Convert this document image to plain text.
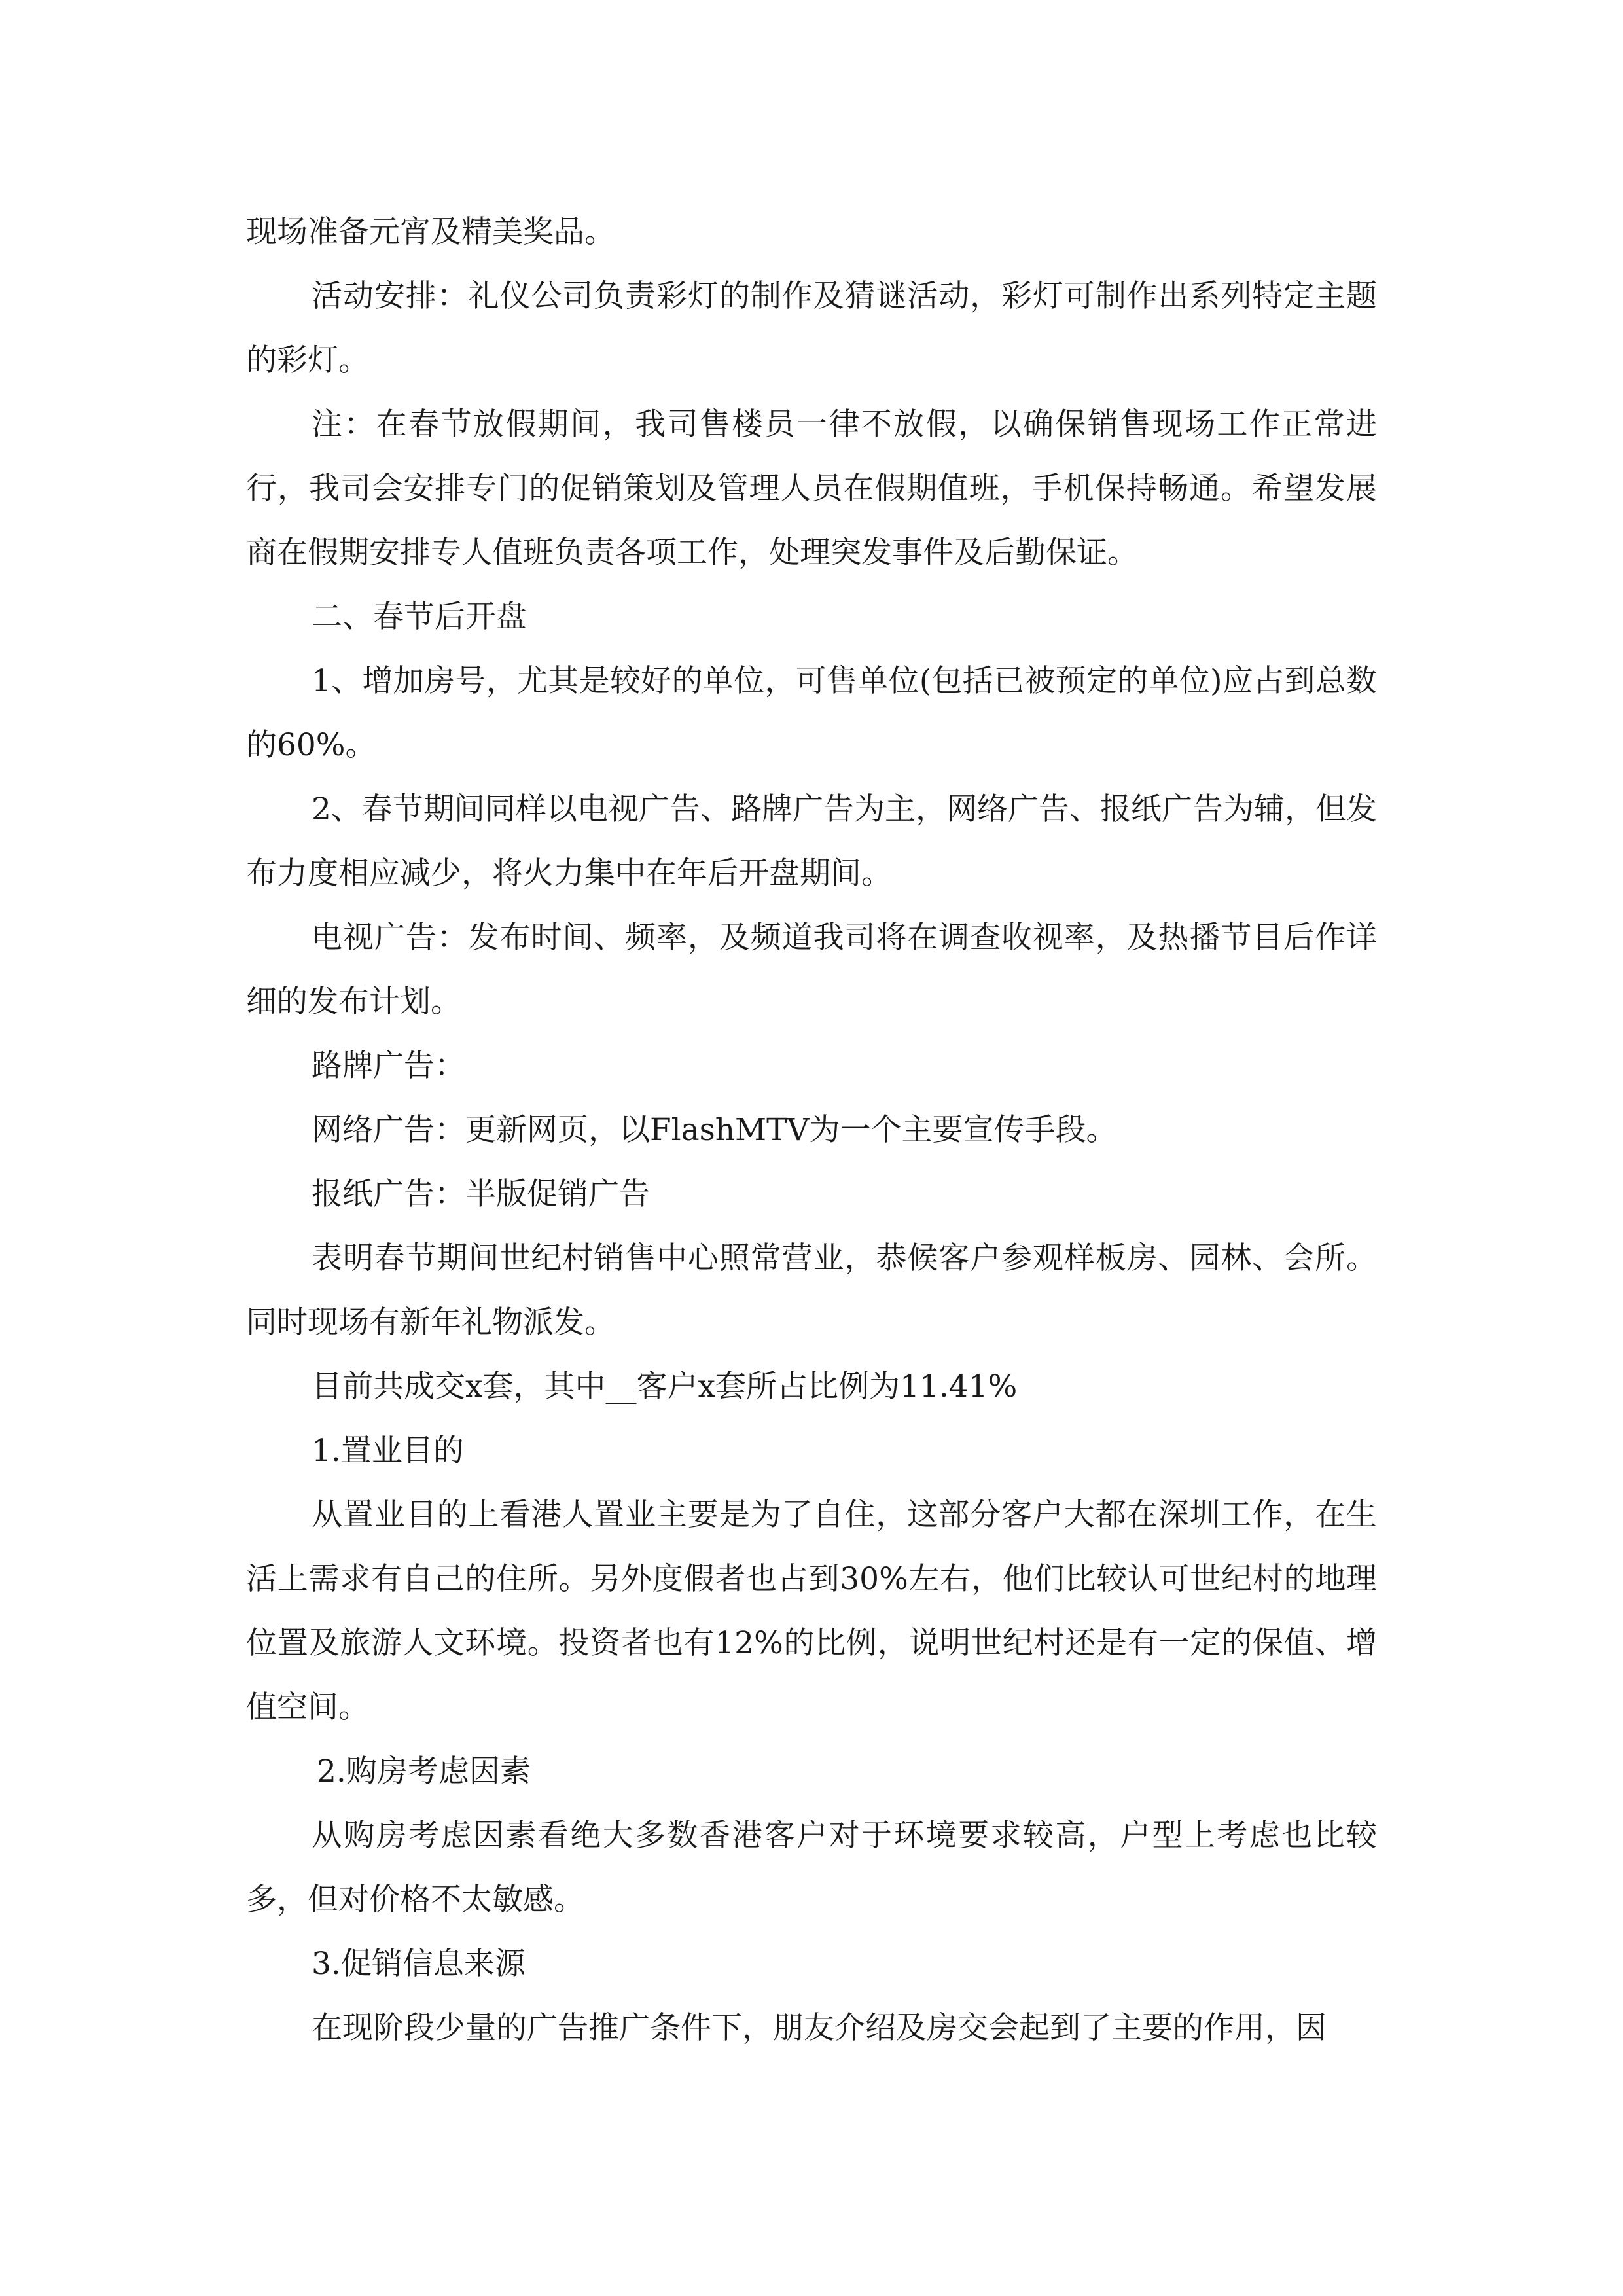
现场准备元宵及精美奖品。

活动安排：礼仪公司负责彩灯的制作及猜谜活动，彩灯可制作出系列特定主题的彩灯。

注：在春节放假期间，我司售楼员一律不放假，以确保销售现场工作正常进行，我司会安排专门的促销策划及管理人员在假期值班，手机保持畅通。希望发展商在假期安排专人值班负责各项工作，处理突发事件及后勤保证。

二、春节后开盘

1、增加房号，尤其是较好的单位，可售单位(包括已被预定的单位)应占到总数的60%。

2、春节期间同样以电视广告、路牌广告为主，网络广告、报纸广告为辅，但发布力度相应减少，将火力集中在年后开盘期间。

电视广告：发布时间、频率，及频道我司将在调查收视率，及热播节目后作详细的发布计划。

路牌广告：

网络广告：更新网页，以FlashMTV为一个主要宣传手段。

报纸广告：半版促销广告

表明春节期间世纪村销售中心照常营业，恭候客户参观样板房、园林、会所。同时现场有新年礼物派发。

目前共成交x套，其中__客户x套所占比例为11.41%

1.置业目的

从置业目的上看港人置业主要是为了自住，这部分客户大都在深圳工作，在生活上需求有自己的住所。另外度假者也占到30%左右，他们比较认可世纪村的地理位置及旅游人文环境。投资者也有12%的比例，说明世纪村还是有一定的保值、增值空间。

2.购房考虑因素

从购房考虑因素看绝大多数香港客户对于环境要求较高，户型上考虑也比较多，但对价格不太敏感。

3.促销信息来源

在现阶段少量的广告推广条件下，朋友介绍及房交会起到了主要的作用，因
